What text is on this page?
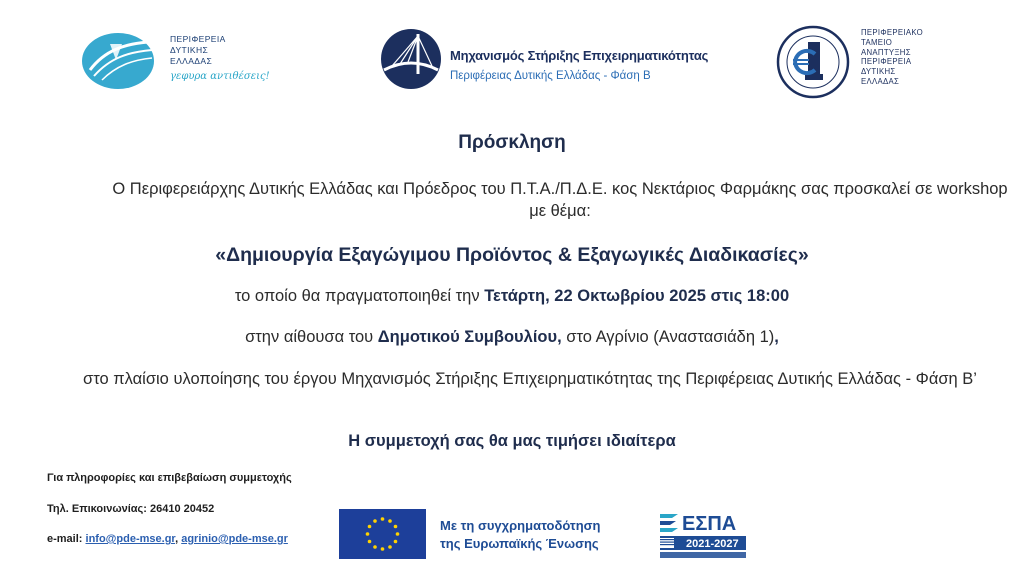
ΠΕΡΙΦΕΡΕΙΑ
ΔΥΤΙΚΗΣ
ΕΛΛΑΔΑΣ
γεφυρα αντιθέσεις!
Μηχανισμός Στήριξης Επιχειρηματικότητας
Περιφέρειας Δυτικής Ελλάδας - Φάση Β
ΠΕΡΙΦΕΡΕΙΑΚΟ
ΤΑΜΕΙΟ
ΑΝΑΠΤΥΞΗΣ
ΠΕΡΙΦΕΡΕΙΑ
ΔΥΤΙΚΗΣ
ΕΛΛΑΔΑΣ
Πρόσκληση
Ο Περιφερειάρχης Δυτικής Ελλάδας και Πρόεδρος του Π.Τ.Α./Π.Δ.Ε. κος Νεκτάριος Φαρμάκης σας προσκαλεί σε workshop με θέμα:
«Δημιουργία Εξαγώγιμου Προϊόντος & Εξαγωγικές Διαδικασίες»
το οποίο θα πραγματοποιηθεί την Τετάρτη, 22 Οκτωβρίου 2025 στις 18:00
στην αίθουσα του Δημοτικού Συμβουλίου, στο Αγρίνιο (Αναστασιάδη 1),
στο πλαίσιο υλοποίησης του έργου Μηχανισμός Στήριξης Επιχειρηματικότητας της Περιφέρειας Δυτικής Ελλάδας - Φάση Β’
Η συμμετοχή σας θα μας τιμήσει ιδιαίτερα
Για πληροφορίες και επιβεβαίωση συμμετοχής
Τηλ. Επικοινωνίας: 26410 20452
e-mail: info@pde-mse.gr, agrinio@pde-mse.gr
Με τη συγχρηματοδότηση
της Ευρωπαϊκής Ένωσης
ΕΣΠΑ
2021-2027
